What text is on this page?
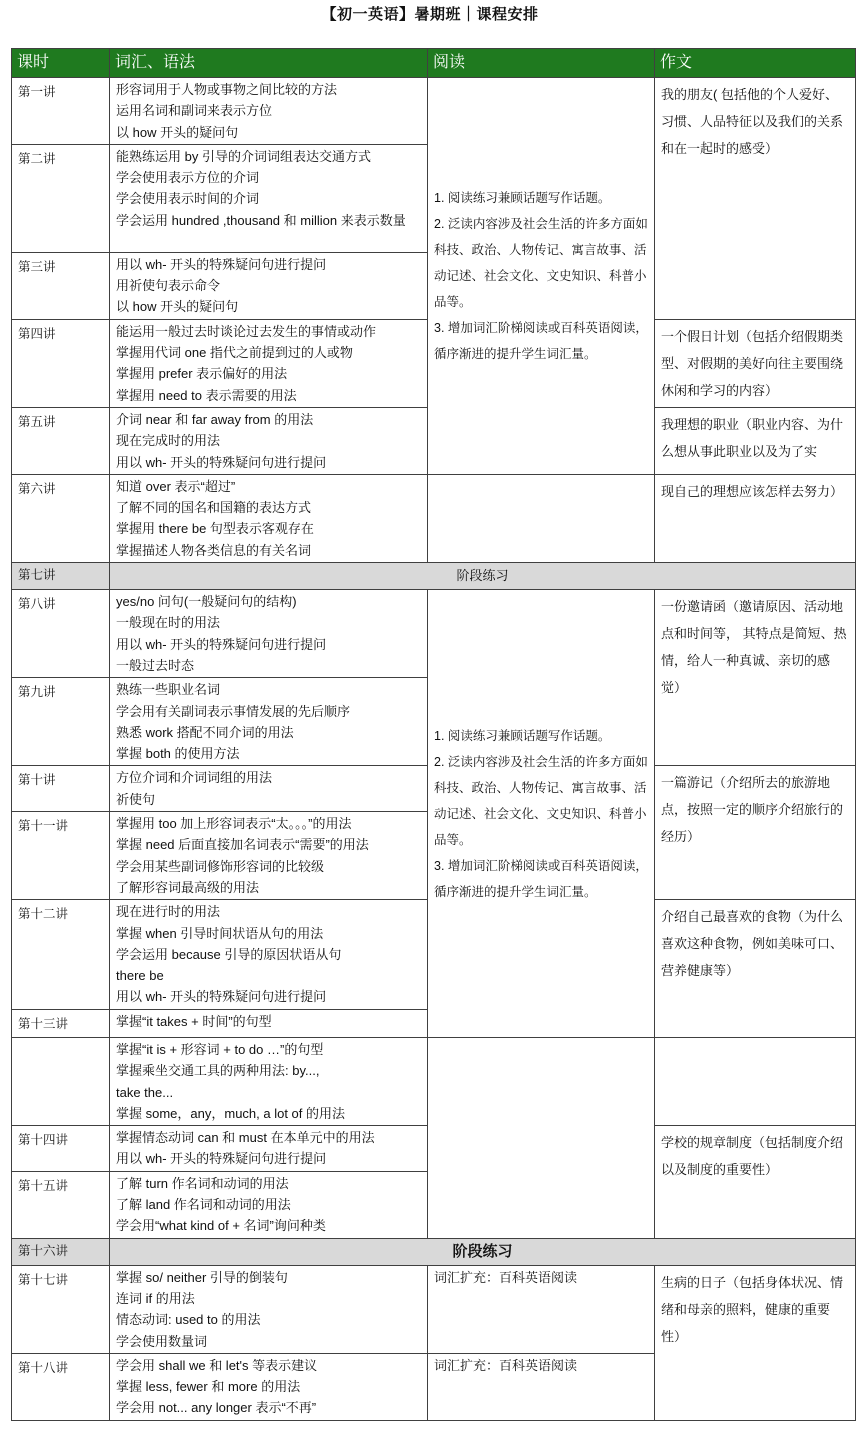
【初一英语】暑期班｜课程安排
课时	词汇、语法	阅读	作文
第一讲	形容词用于人物或事物之间比较的方法
运用名词和副词来表示方位
以 how 开头的疑问句	1. 阅读练习兼顾话题写作话题。
2. 泛读内容涉及社会生活的许多方面如科技、政治、人物传记、寓言故事、活动记述、社会文化、文史知识、科普小品等。
3. 增加词汇阶梯阅读或百科英语阅读，循序渐进的提升学生词汇量。	我的朋友( 包括他的个人爱好、习惯、人品特征以及我们的关系和在一起时的感受）
第二讲	能熟练运用 by 引导的介词词组表达交通方式
学会使用表示方位的介词
学会使用表示时间的介词
学会运用 hundred ,thousand 和 million 来表示数量		

第三讲	用以 wh- 开头的特殊疑问句进行提问
用祈使句表示命令
以 how 开头的疑问句		

第四讲	能运用一般过去时谈论过去发生的事情或动作
掌握用代词 one 指代之前提到过的人或物
掌握用 prefer 表示偏好的用法
掌握用 need to 表示需要的用法		一个假日计划（包括介绍假期类型、对假期的美好向往主要围绕休闲和学习的内容）
第五讲	介词 near 和 far away from 的用法
现在完成时的用法
用以 wh- 开头的特殊疑问句进行提问		我理想的职业（职业内容、为什么想从事此职业以及为了实
第六讲	知道 over 表示“超过”
了解不同的国名和国籍的表达方式
掌握用 there be 句型表示客观存在
掌握描述人物各类信息的有关名词		现自己的理想应该怎样去努力）
第七讲	阶段练习		
第八讲	yes/no 问句(一般疑问句的结构)
一般现在时的用法
用以 wh- 开头的特殊疑问句进行提问
一般过去时态	1. 阅读练习兼顾话题写作话题。
2. 泛读内容涉及社会生活的许多方面如科技、政治、人物传记、寓言故事、活动记述、社会文化、文史知识、科普小品等。
3. 增加词汇阶梯阅读或百科英语阅读，循序渐进的提升学生词汇量。	一份邀请函（邀请原因、活动地点和时间等， 其特点是简短、热情，给人一种真诚、亲切的感觉）
第九讲	熟练一些职业名词
学会用有关副词表示事情发展的先后顺序
熟悉 work 搭配不同介词的用法
掌握 both 的使用方法		

第十讲	方位介词和介词词组的用法
祈使句		一篇游记（介绍所去的旅游地点，按照一定的顺序介绍旅行的经历）
第十一讲	掌握用 too 加上形容词表示“太。。。”的用法
掌握 need 后面直接加名词表示“需要”的用法
学会用某些副词修饰形容词的比较级
了解形容词最高级的用法		

第十二讲	现在进行时的用法
掌握 when 引导时间状语从句的用法
学会运用 because 引导的原因状语从句
there be
用以 wh- 开头的特殊疑问句进行提问		介绍自己最喜欢的食物（为什么喜欢这种食物，例如美味可口、营养健康等）
第十三讲	掌握“it takes + 时间”的句型		

	掌握“it is + 形容词 + to do …”的句型
掌握乘坐交通工具的两种用法: by...,
take the...
掌握 some，any，much, a lot of 的用法		

第十四讲	掌握情态动词 can 和 must 在本单元中的用法
用以 wh- 开头的特殊疑问句进行提问		学校的规章制度（包括制度介绍以及制度的重要性）
第十五讲	了解 turn 作名词和动词的用法
了解 land 作名词和动词的用法
学会用“what kind of + 名词”询问种类		

第十六讲	阶段练习		
第十七讲	掌握 so/ neither 引导的倒装句
连词 if 的用法
情态动词: used to 的用法
学会使用数量词	词汇扩充：百科英语阅读	生病的日子（包括身体状况、情绪和母亲的照料，健康的重要性）
第十八讲	学会用 shall we 和 let's 等表示建议
掌握 less, fewer 和 more 的用法
学会用 not... any longer 表示“不再”	词汇扩充：百科英语阅读	
